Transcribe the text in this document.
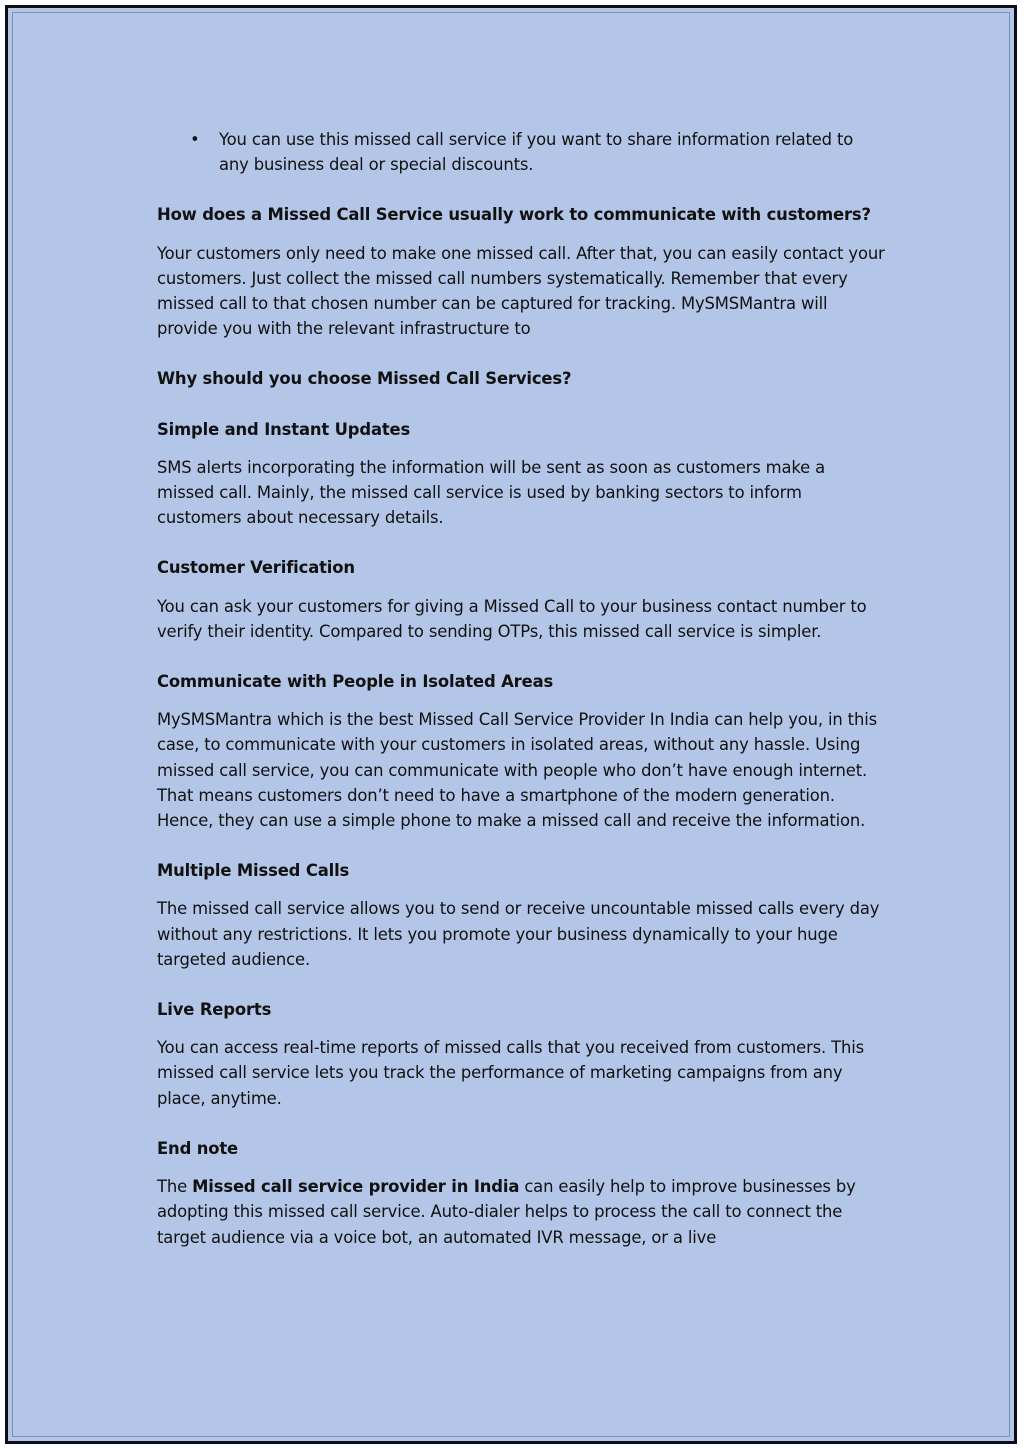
• You can use this missed call service if you want to share information related to any business deal or special discounts.

How does a Missed Call Service usually work to communicate with customers?

Your customers only need to make one missed call. After that, you can easily contact your customers. Just collect the missed call numbers systematically. Remember that every missed call to that chosen number can be captured for tracking. MySMSMantra will provide you with the relevant infrastructure to

Why should you choose Missed Call Services?

Simple and Instant Updates

SMS alerts incorporating the information will be sent as soon as customers make a missed call. Mainly, the missed call service is used by banking sectors to inform customers about necessary details.

Customer Verification

You can ask your customers for giving a Missed Call to your business contact number to verify their identity. Compared to sending OTPs, this missed call service is simpler.

Communicate with People in Isolated Areas

MySMSMantra which is the best Missed Call Service Provider In India can help you, in this case, to communicate with your customers in isolated areas, without any hassle. Using missed call service, you can communicate with people who don’t have enough internet. That means customers don’t need to have a smartphone of the modern generation. Hence, they can use a simple phone to make a missed call and receive the information.

Multiple Missed Calls

The missed call service allows you to send or receive uncountable missed calls every day without any restrictions. It lets you promote your business dynamically to your huge targeted audience.

Live Reports

You can access real-time reports of missed calls that you received from customers. This missed call service lets you track the performance of marketing campaigns from any place, anytime.

End note

The Missed call service provider in India can easily help to improve businesses by adopting this missed call service. Auto-dialer helps to process the call to connect the target audience via a voice bot, an automated IVR message, or a live
